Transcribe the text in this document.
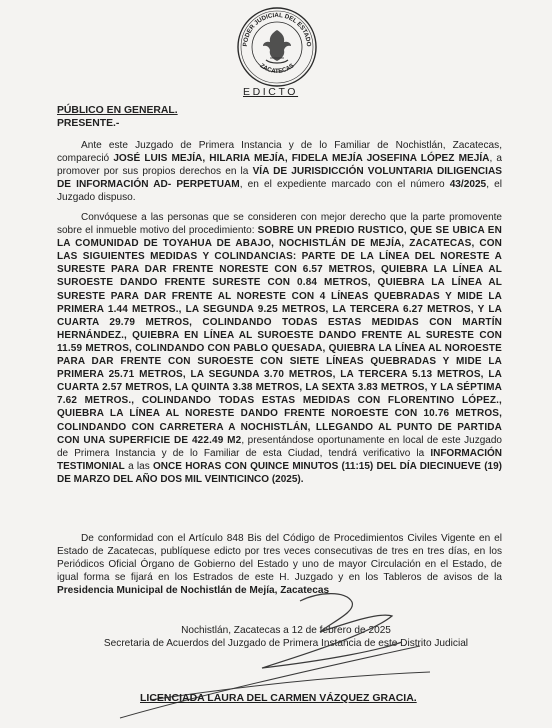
PODER JUDICIAL DEL ESTADO
ZACATECAS
EDICTO
PÚBLICO EN GENERAL.
PRESENTE.-
Ante este Juzgado de Primera Instancia y de lo Familiar de Nochistlán, Zacatecas, compareció JOSÉ LUIS MEJÍA, HILARIA MEJÍA, FIDELA MEJÍA JOSEFINA LÓPEZ MEJÍA, a promover por sus propios derechos en la VÍA DE JURISDICCIÓN VOLUNTARIA DILIGENCIAS DE INFORMACIÓN AD- PERPETUAM, en el expediente marcado con el número 43/2025, el Juzgado dispuso.
Convóquese a las personas que se consideren con mejor derecho que la parte promovente sobre el inmueble motivo del procedimiento: SOBRE UN PREDIO RUSTICO, QUE SE UBICA EN LA COMUNIDAD DE TOYAHUA DE ABAJO, NOCHISTLÁN DE MEJÍA, ZACATECAS, CON LAS SIGUIENTES MEDIDAS Y COLINDANCIAS: PARTE DE LA LÍNEA DEL NORESTE A SURESTE PARA DAR FRENTE NORESTE CON 6.57 METROS, QUIEBRA LA LÍNEA AL SUROESTE DANDO FRENTE SURESTE CON 0.84 METROS, QUIEBRA LA LÍNEA AL SURESTE PARA DAR FRENTE AL NORESTE CON 4 LÍNEAS QUEBRADAS Y MIDE LA PRIMERA 1.44 METROS., LA SEGUNDA 9.25 METROS, LA TERCERA 6.27 METROS, Y LA CUARTA 29.79 METROS, COLINDANDO TODAS ESTAS MEDIDAS CON MARTÍN HERNÁNDEZ., QUIEBRA EN LÍNEA AL SUROESTE DANDO FRENTE AL SURESTE CON 11.59 METROS, COLINDANDO CON PABLO QUESADA, QUIEBRA LA LÍNEA AL NOROESTE PARA DAR FRENTE CON SUROESTE CON SIETE LÍNEAS QUEBRADAS Y MIDE LA PRIMERA 25.71 METROS, LA SEGUNDA 3.70 METROS, LA TERCERA 5.13 METROS, LA CUARTA 2.57 METROS, LA QUINTA 3.38 METROS, LA SEXTA 3.83 METROS, Y LA SÉPTIMA 7.62 METROS., COLINDANDO TODAS ESTAS MEDIDAS CON FLORENTINO LÓPEZ., QUIEBRA LA LÍNEA AL NORESTE DANDO FRENTE NOROESTE CON 10.76 METROS, COLINDANDO CON CARRETERA A NOCHISTLÁN, LLEGANDO AL PUNTO DE PARTIDA CON UNA SUPERFICIE DE 422.49 M2, presentándose oportunamente en local de este Juzgado de Primera Instancia y de lo Familiar de esta Ciudad, tendrá verificativo la INFORMACIÓN TESTIMONIAL a las ONCE HORAS CON QUINCE MINUTOS (11:15) DEL DÍA DIECINUEVE (19) DE MARZO DEL AÑO DOS MIL VEINTICINCO (2025).
De conformidad con el Artículo 848 Bis del Código de Procedimientos Civiles Vigente en el Estado de Zacatecas, publíquese edicto por tres veces consecutivas de tres en tres días, en los Periódicos Oficial Órgano de Gobierno del Estado y uno de mayor Circulación en el Estado, de igual forma se fijará en los Estrados de este H. Juzgado y en los Tableros de avisos de la Presidencia Municipal de Nochistlán de Mejía, Zacatecas
Nochistlán, Zacatecas a 12 de febrero de 2025
Secretaria de Acuerdos del Juzgado de Primera Instancia de este Distrito Judicial
LICENCIADA LAURA DEL CARMEN VÁZQUEZ GRACIA.
